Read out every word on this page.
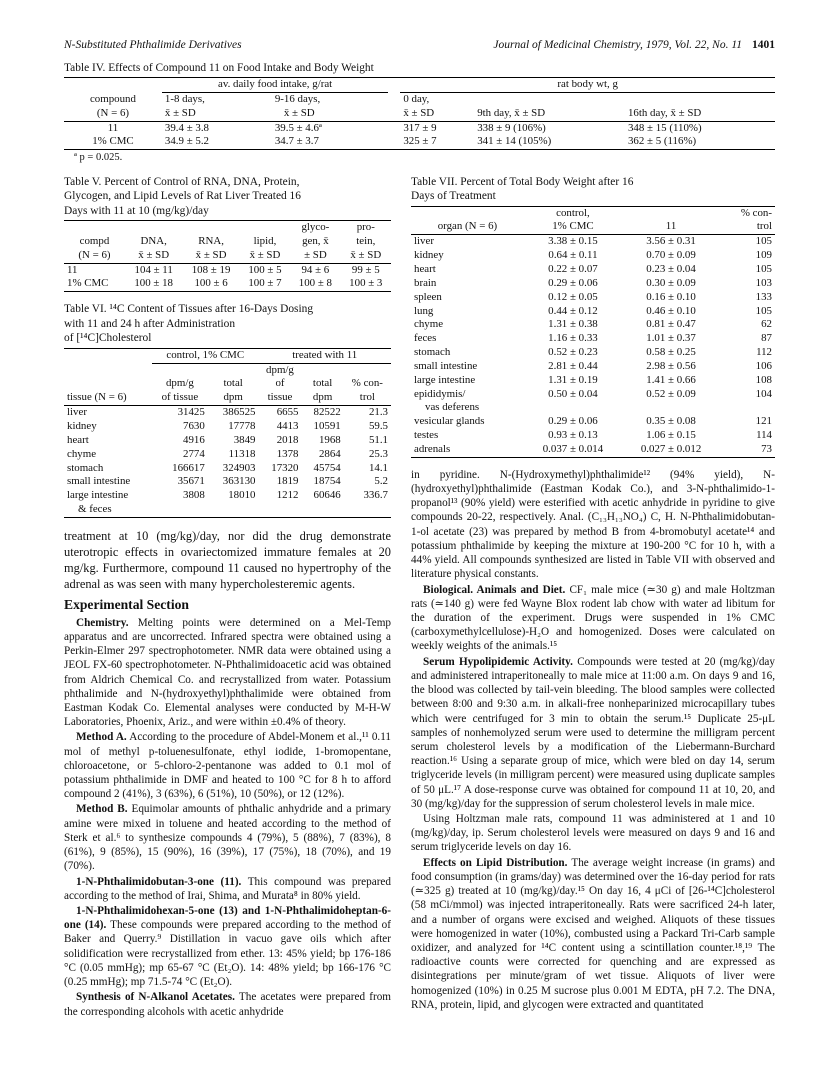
N-Substituted Phthalimide Derivatives	Journal of Medicinal Chemistry, 1979, Vol. 22, No. 11 1401
Table IV. Effects of Compound 11 on Food Intake and Body Weight
	av. daily food intake, g/rat			rat body wt, g		
compound	1-8 days,	9-16 days,		0 day,		
(N = 6)	x̄ ± SD	x̄ ± SD		x̄ ± SD	9th day, x̄ ± SD	16th day, x̄ ± SD
11	39.4 ± 3.8	39.5 ± 4.6ª		317 ± 9	338 ± 9 (106%)	348 ± 15 (110%)
1% CMC	34.9 ± 5.2	34.7 ± 3.7		325 ± 7	341 ± 14 (105%)	362 ± 5 (116%)
ª p = 0.025.
Table V. Percent of Control of RNA, DNA, Protein,
Glycogen, and Lipid Levels of Rat Liver Treated 16
Days with 11 at 10 (mg/kg)/day
				glyco-	pro-
compd	DNA,	RNA,	lipid,	gen, x̄	tein,
(N = 6)	x̄ ± SD	x̄ ± SD	x̄ ± SD	± SD	x̄ ± SD
11	104 ± 11	108 ± 19	100 ± 5	94 ± 6	99 ± 5
1% CMC	100 ± 18	100 ± 6	100 ± 7	100 ± 8	100 ± 3
Table VI. ¹⁴C Content of Tissues after 16-Days Dosing
with 11 and 24 h after Administration
of [¹⁴C]Cholesterol
	control, 1% CMC		treated with 11		
			dpm/g		
	dpm/g	total	of	total	% con-
tissue (N = 6)	of tissue	dpm	tissue	dpm	trol
liver	31425	386525	6655	82522	21.3
kidney	7630	17778	4413	10591	59.5
heart	4916	3849	2018	1968	51.1
chyme	2774	11318	1378	2864	25.3
stomach	166617	324903	17320	45754	14.1
small intestine	35671	363130	1819	18754	5.2
large intestine	3808	18010	1212	60646	336.7
& feces					

treatment at 10 (mg/kg)/day, nor did the drug demonstrate uterotropic effects in ovariectomized immature females at 20 mg/kg. Furthermore, compound 11 caused no hypertrophy of the adrenal as was seen with many hypercholesteremic agents.

Experimental Section

Chemistry. Melting points were determined on a Mel-Temp apparatus and are uncorrected. Infrared spectra were obtained using a Perkin-Elmer 297 spectrophotometer. NMR data were obtained using a JEOL FX-60 spectrophotometer. N-Phthalimidoacetic acid was obtained from Aldrich Chemical Co. and recrystallized from water. Potassium phthalimide and N-(hydroxyethyl)phthalimide were obtained from Eastman Kodak Co. Elemental analyses were conducted by M-H-W Laboratories, Phoenix, Ariz., and were within ±0.4% of theory.

Method A. According to the procedure of Abdel-Monem et al.,¹¹ 0.11 mol of methyl p-toluenesulfonate, ethyl iodide, 1-bromopentane, chloroacetone, or 5-chloro-2-pentanone was added to 0.1 mol of potassium phthalimide in DMF and heated to 100 °C for 8 h to afford compound 2 (41%), 3 (63%), 6 (51%), 10 (50%), or 12 (12%).

Method B. Equimolar amounts of phthalic anhydride and a primary amine were mixed in toluene and heated according to the method of Sterk et al.⁶ to synthesize compounds 4 (79%), 5 (88%), 7 (83%), 8 (61%), 9 (85%), 15 (90%), 16 (39%), 17 (75%), 18 (70%), and 19 (70%).

1-N-Phthalimidobutan-3-one (11). This compound was prepared according to the method of Irai, Shima, and Murata⁸ in 80% yield.

1-N-Phthalimidohexan-5-one (13) and 1-N-Phthalimidoheptan-6-one (14). These compounds were prepared according to the method of Baker and Querry.⁹ Distillation in vacuo gave oils which after solidification were recrystallized from ether. 13: 45% yield; bp 176-186 °C (0.05 mmHg); mp 65-67 °C (Et₂O). 14: 48% yield; bp 166-176 °C (0.25 mmHg); mp 71.5-74 °C (Et₂O).

Synthesis of N-Alkanol Acetates. The acetates were prepared from the corresponding alcohols with acetic anhydride

Table VII. Percent of Total Body Weight after 16
Days of Treatment
	control,		% con-
organ (N = 6)	1% CMC	11	trol
liver	3.38 ± 0.15	3.56 ± 0.31	105
kidney	0.64 ± 0.11	0.70 ± 0.09	109
heart	0.22 ± 0.07	0.23 ± 0.04	105
brain	0.29 ± 0.06	0.30 ± 0.09	103
spleen	0.12 ± 0.05	0.16 ± 0.10	133
lung	0.44 ± 0.12	0.46 ± 0.10	105
chyme	1.31 ± 0.38	0.81 ± 0.47	62
feces	1.16 ± 0.33	1.01 ± 0.37	87
stomach	0.52 ± 0.23	0.58 ± 0.25	112
small intestine	2.81 ± 0.44	2.98 ± 0.56	106
large intestine	1.31 ± 0.19	1.41 ± 0.66	108
epididymis/	0.50 ± 0.04	0.52 ± 0.09	104
vas deferens			
vesicular glands	0.29 ± 0.06	0.35 ± 0.08	121
testes	0.93 ± 0.13	1.06 ± 0.15	114
adrenals	0.037 ± 0.014	0.027 ± 0.012	73

in pyridine. N-(Hydroxymethyl)phthalimide¹² (94% yield), N-(hydroxyethyl)phthalimide (Eastman Kodak Co.), and 3-N-phthalimido-1-propanol¹³ (90% yield) were esterified with acetic anhydride in pyridine to give compounds 20-22, respectively. Anal. (C₁₃H₁₃NO₄) C, H. N-Phthalimidobutan-1-ol acetate (23) was prepared by method B from 4-bromobutyl acetate¹⁴ and potassium phthalimide by keeping the mixture at 190-200 °C for 10 h, with a 44% yield. All compounds synthesized are listed in Table VII with observed and literature physical constants.

Biological. Animals and Diet. CF₁ male mice (≃30 g) and male Holtzman rats (≃140 g) were fed Wayne Blox rodent lab chow with water ad libitum for the duration of the experiment. Drugs were suspended in 1% CMC (carboxymethylcellulose)-H₂O and homogenized. Doses were calculated on weekly weights of the animals.¹⁵

Serum Hypolipidemic Activity. Compounds were tested at 20 (mg/kg)/day and administered intraperitoneally to male mice at 11:00 a.m. On days 9 and 16, the blood was collected by tail-vein bleeding. The blood samples were collected between 8:00 and 9:30 a.m. in alkali-free nonheparinized microcapillary tubes which were centrifuged for 3 min to obtain the serum.¹⁵ Duplicate 25-μL samples of nonhemolyzed serum were used to determine the milligram percent serum cholesterol levels by a modification of the Liebermann-Burchard reaction.¹⁶ Using a separate group of mice, which were bled on day 14, serum triglyceride levels (in milligram percent) were measured using duplicate samples of 50 μL.¹⁷ A dose-response curve was obtained for compound 11 at 10, 20, and 30 (mg/kg)/day for the suppression of serum cholesterol levels in male mice.

Using Holtzman male rats, compound 11 was administered at 1 and 10 (mg/kg)/day, ip. Serum cholesterol levels were measured on days 9 and 16 and serum triglyceride levels on day 16.

Effects on Lipid Distribution. The average weight increase (in grams) and food consumption (in grams/day) was determined over the 16-day period for rats (≃325 g) treated at 10 (mg/kg)/day.¹⁵ On day 16, 4 μCi of [26-¹⁴C]cholesterol (58 mCi/mmol) was injected intraperitoneally. Rats were sacrificed 24-h later, and a number of organs were excised and weighed. Aliquots of these tissues were homogenized in water (10%), combusted using a Packard Tri-Carb sample oxidizer, and analyzed for ¹⁴C content using a scintillation counter.¹⁸,¹⁹ The radioactive counts were corrected for quenching and are expressed as disintegrations per minute/gram of wet tissue. Aliquots of liver were homogenized (10%) in 0.25 M sucrose plus 0.001 M EDTA, pH 7.2. The DNA, RNA, protein, lipid, and glycogen were extracted and quantitated
